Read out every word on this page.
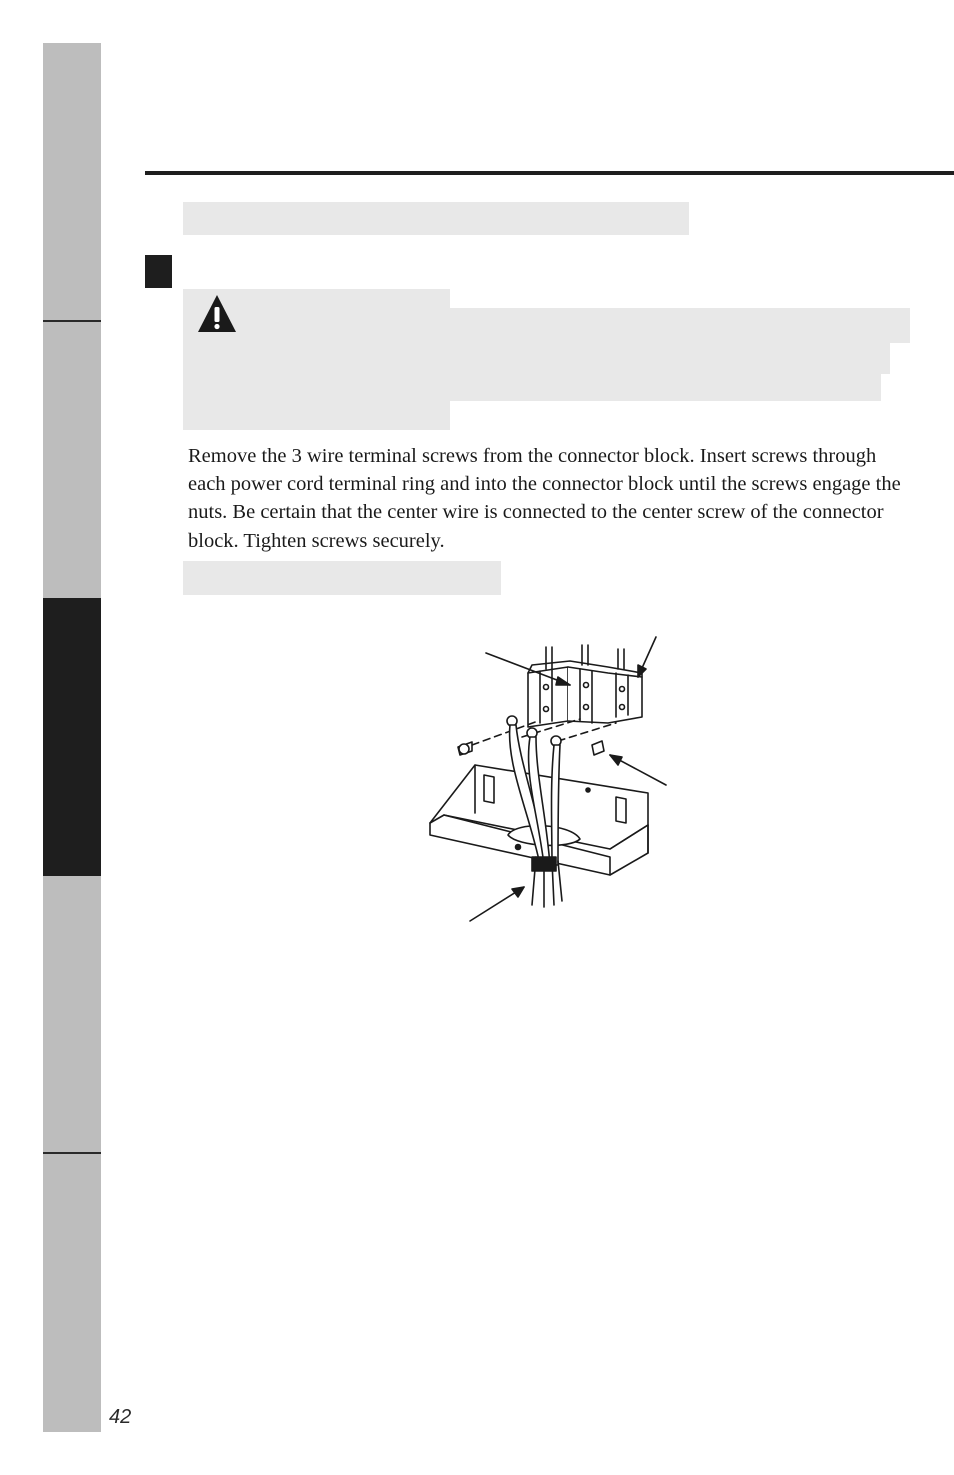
Remove the 3 wire terminal screws from the connector block. Insert screws through each power cord terminal ring and into the connector block until the screws engage the nuts. Be certain that the center wire is connected to the center screw of the connector block. Tighten screws securely.

42
